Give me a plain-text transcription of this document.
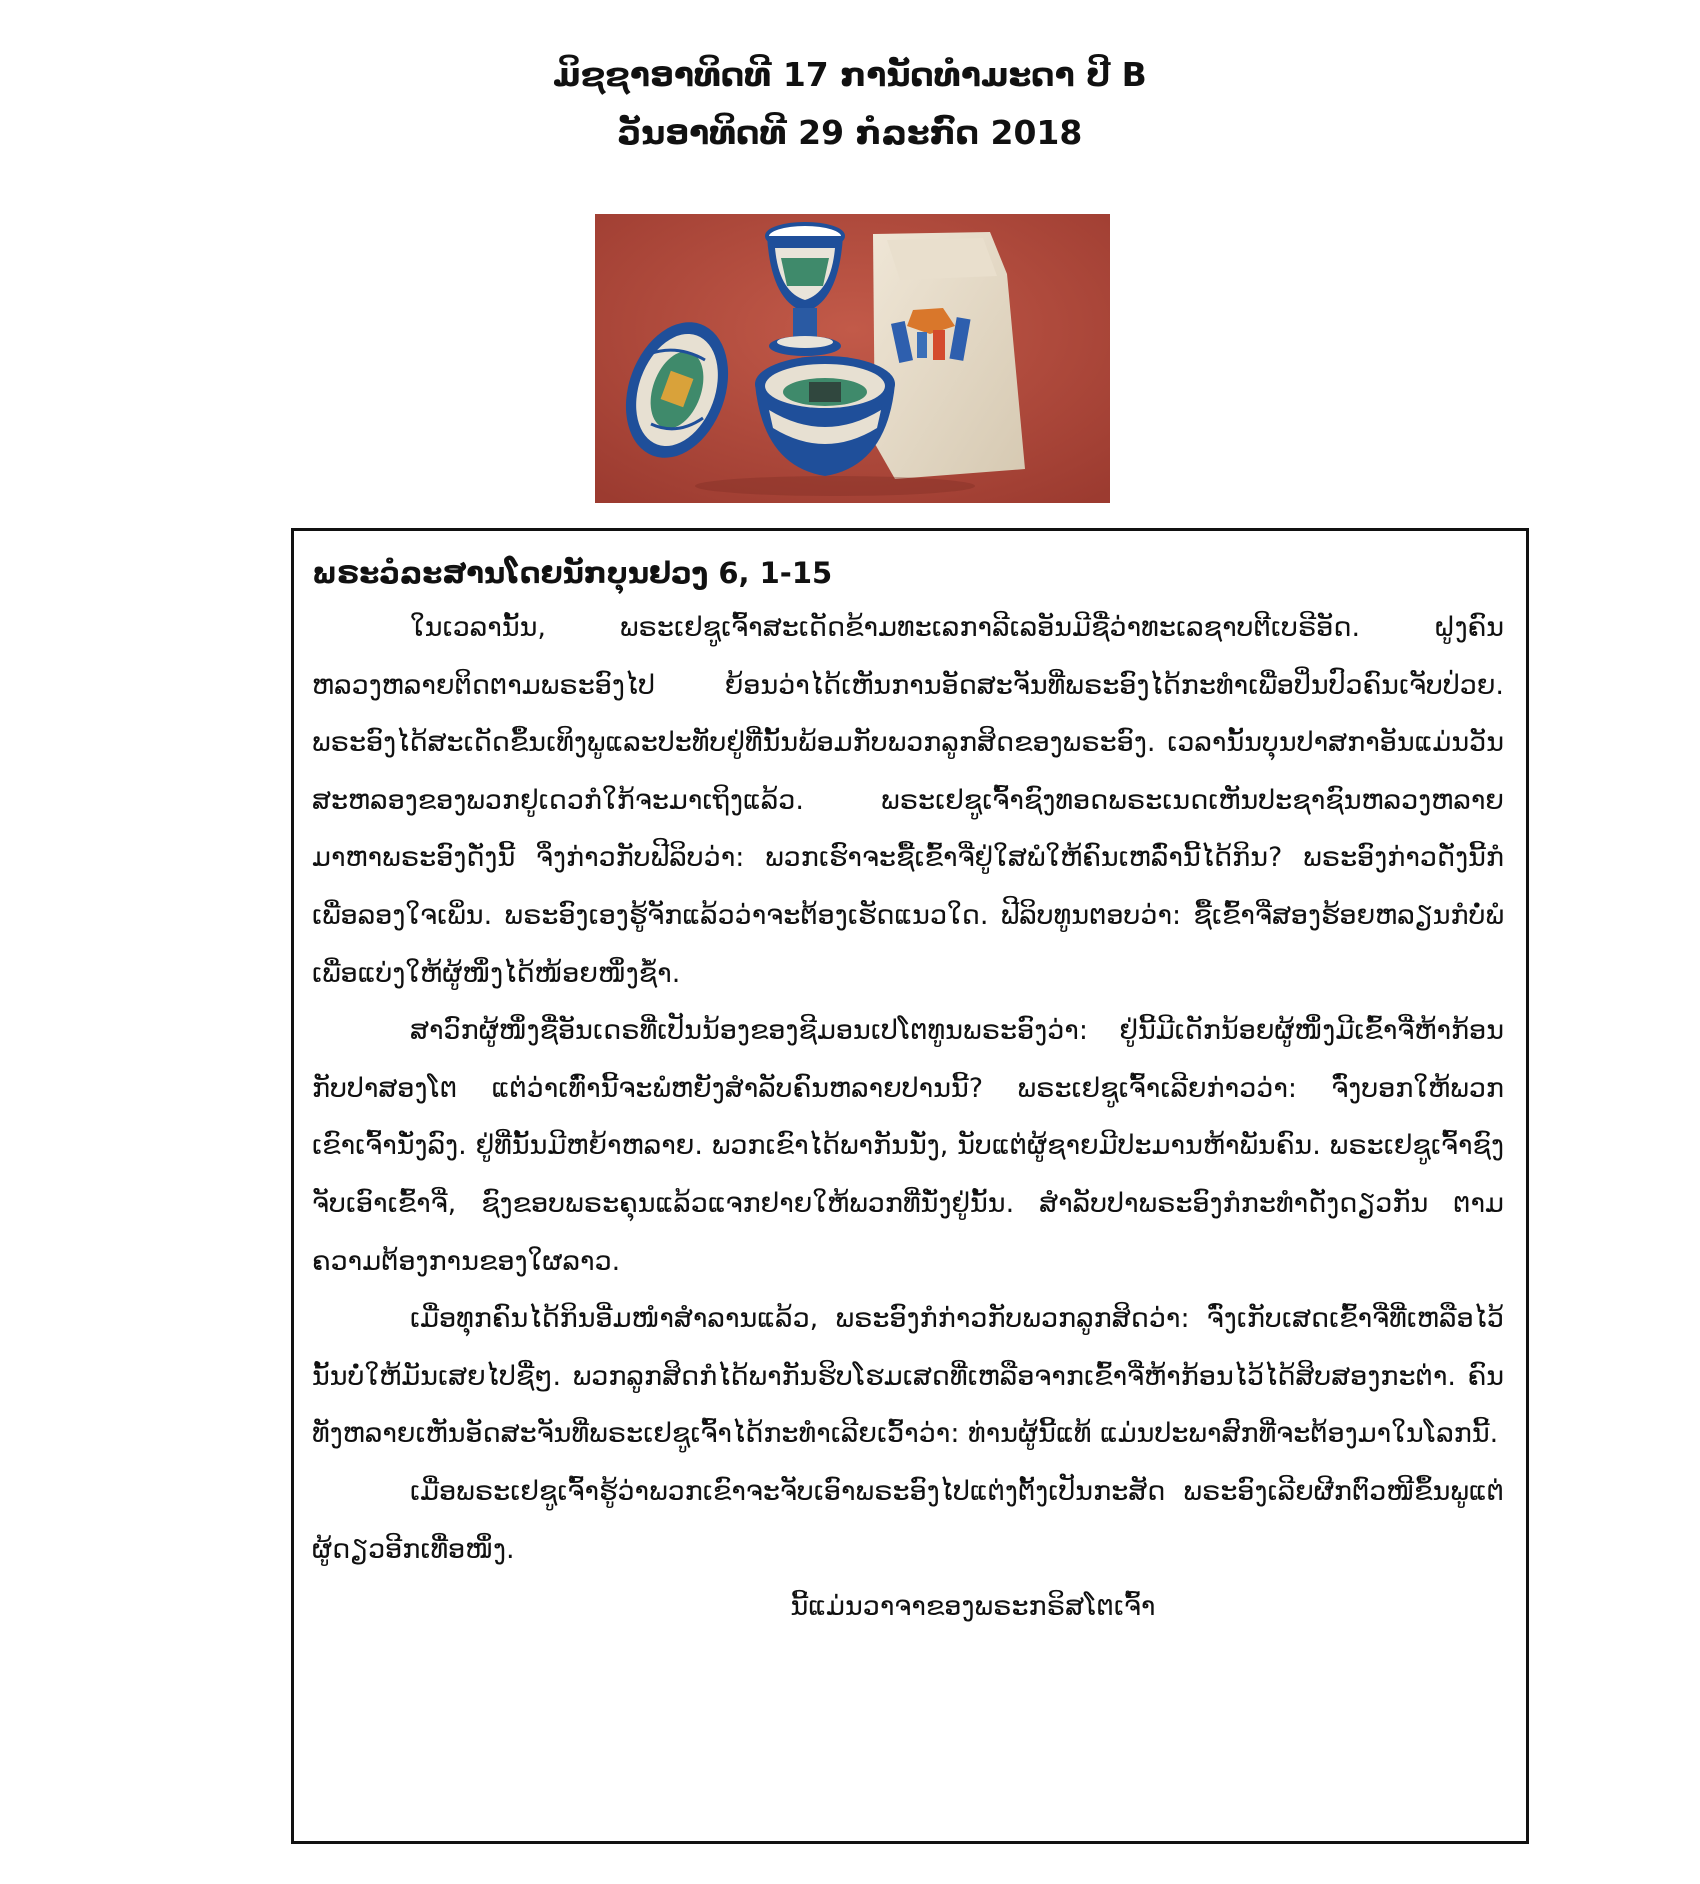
ມິຊຊາອາທິດທີ 17 ການັດທຳມະດາ ປີ B
ວັນອາທິດທີ 29 ກໍລະກົດ 2018
ພຣະວໍລະສານໂດຍນັກບຸນຢວງ 6, 1-15

ໃນເວລານັ້ນ, ພຣະເຢຊູເຈົ້າສະເດັດຂ້າມທະເລກາລີເລອັນມີຊື່ວ່າທະເລຊາບຕີເບຣີອັດ. ຝູງຄົນຫລວງຫລາຍຕິດຕາມພຣະອົງໄປ ຍ້ອນວ່າໄດ້ເຫັນການອັດສະຈັນທີ່ພຣະອົງໄດ້ກະທຳເພື່ອປິ່ນປົວຄົນເຈັບປ່ວຍ. ພຣະອົງໄດ້ສະເດັດຂຶ້ນເທິງພູແລະປະທັບຢູ່ທີ່ນັ້ນພ້ອມກັບພວກລູກສິດຂອງພຣະອົງ. ເວລານັ້ນບຸນປາສກາອັນແມ່ນວັນສະຫລອງຂອງພວກຢູເດວກໍໃກ້ຈະມາເຖິງແລ້ວ. ພຣະເຢຊູເຈົ້າຊົງທອດພຣະເນດເຫັນປະຊາຊົນຫລວງຫລາຍມາຫາພຣະອົງດັ່ງນີ້ ຈຶ່ງກ່າວກັບຟີລິບວ່າ: ພວກເຮົາຈະຊື້ເຂົ້າຈີ່ຢູ່ໃສພໍໃຫ້ຄົນເຫລົ່ານີ້ໄດ້ກິນ? ພຣະອົງກ່າວດັ່ງນີ້ກໍເພື່ອລອງໃຈເພິ່ນ. ພຣະອົງເອງຮູ້ຈັກແລ້ວວ່າຈະຕ້ອງເຮັດແນວໃດ. ຟີລິບທູນຕອບວ່າ: ຊື້ເຂົ້າຈີ່ສອງຮ້ອຍຫລຽນກໍບໍ່ພໍເພື່ອແບ່ງໃຫ້ຜູ້ໜຶ່ງໄດ້ໜ້ອຍໜຶ່ງຊໍ້າ.

ສາວົກຜູ້ໜຶ່ງຊື່ອັນເດຣທີ່ເປັນນ້ອງຂອງຊີມອນເປໂຕທູນພຣະອົງວ່າ: ຢູ່ນີ້ມີເດັກນ້ອຍຜູ້ໜຶ່ງມີເຂົ້າຈີ່ຫ້າກ້ອນກັບປາສອງໂຕ ແຕ່ວ່າເທົ່ານີ້ຈະພໍຫຍັງສຳລັບຄົນຫລາຍປານນີ້? ພຣະເຢຊູເຈົ້າເລີຍກ່າວວ່າ: ຈົ່ງບອກໃຫ້ພວກເຂົາເຈົ້ານັ່ງລົງ. ຢູ່ທີ່ນັ້ນມີຫຍ້າຫລາຍ. ພວກເຂົາໄດ້ພາກັນນັ່ງ, ນັບແຕ່ຜູ້ຊາຍມີປະມານຫ້າພັນຄົນ. ພຣະເຢຊູເຈົ້າຊົງຈັບເອົາເຂົ້າຈີ່, ຊົງຂອບພຣະຄຸນແລ້ວແຈກຢາຍໃຫ້ພວກທີ່ນັ່ງຢູ່ນັ້ນ. ສຳລັບປາພຣະອົງກໍກະທຳດັ່ງດຽວກັນ ຕາມຄວາມຕ້ອງການຂອງໃຜລາວ.

ເມື່ອທຸກຄົນໄດ້ກິນອີ່ມໜຳສຳລານແລ້ວ, ພຣະອົງກໍກ່າວກັບພວກລູກສິດວ່າ: ຈົ່ງເກັບເສດເຂົ້າຈີ່ທີ່ເຫລືອໄວ້ນັ້ນບໍ່ໃຫ້ມັນເສຍໄປຊື່ໆ. ພວກລູກສິດກໍໄດ້ພາກັນຮິບໂຮມເສດທີ່ເຫລືອຈາກເຂົ້າຈີ່ຫ້າກ້ອນໄວ້ໄດ້ສິບສອງກະຕ່າ. ຄົນທັງຫລາຍເຫັນອັດສະຈັນທີ່ພຣະເຢຊູເຈົ້າໄດ້ກະທຳເລີຍເວົ້າວ່າ: ທ່ານຜູ້ນີ້ແທ້ ແມ່ນປະພາສົກທີ່ຈະຕ້ອງມາໃນໂລກນີ້.

ເມື່ອພຣະເຢຊູເຈົ້າຮູ້ວ່າພວກເຂົາຈະຈັບເອົາພຣະອົງໄປແຕ່ງຕັ້ງເປັນກະສັດ ພຣະອົງເລີຍຜີກຕົວໜີຂຶ້ນພູແຕ່ຜູ້ດຽວອີກເທື່ອໜຶ່ງ.

ນີ້ແມ່ນວາຈາຂອງພຣະກຣິສໂຕເຈົ້າ
